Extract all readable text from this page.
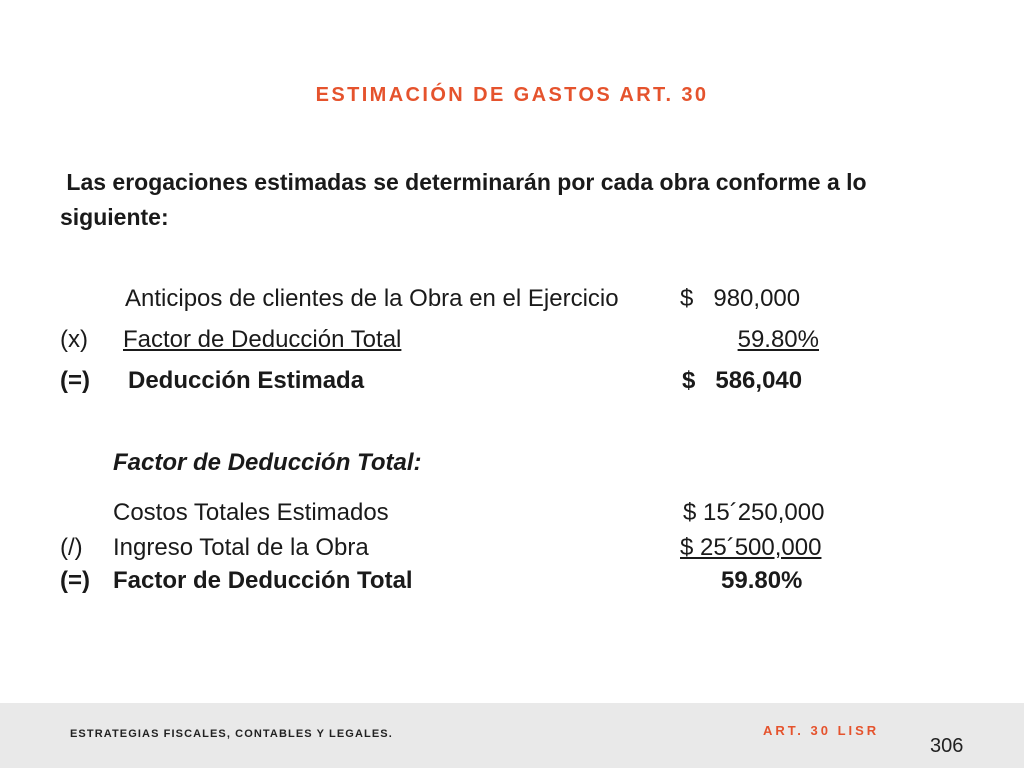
ESTIMACIÓN DE GASTOS ART. 30
Las erogaciones estimadas se determinarán por cada obra conforme a lo
siguiente:
Anticipos de clientes de la Obra en el Ejercicio	$   980,000
(x) Factor de Deducción Total	59.80%
(=) Deducción Estimada	$   586,040
Factor de Deducción Total:
Costos Totales Estimados	$ 15´250,000
(/) Ingreso Total de la Obra	$ 25´500,000
(=) Factor de Deducción Total	59.80%
ESTRATEGIAS FISCALES, CONTABLES Y LEGALES.	ART. 30 LISR
306
